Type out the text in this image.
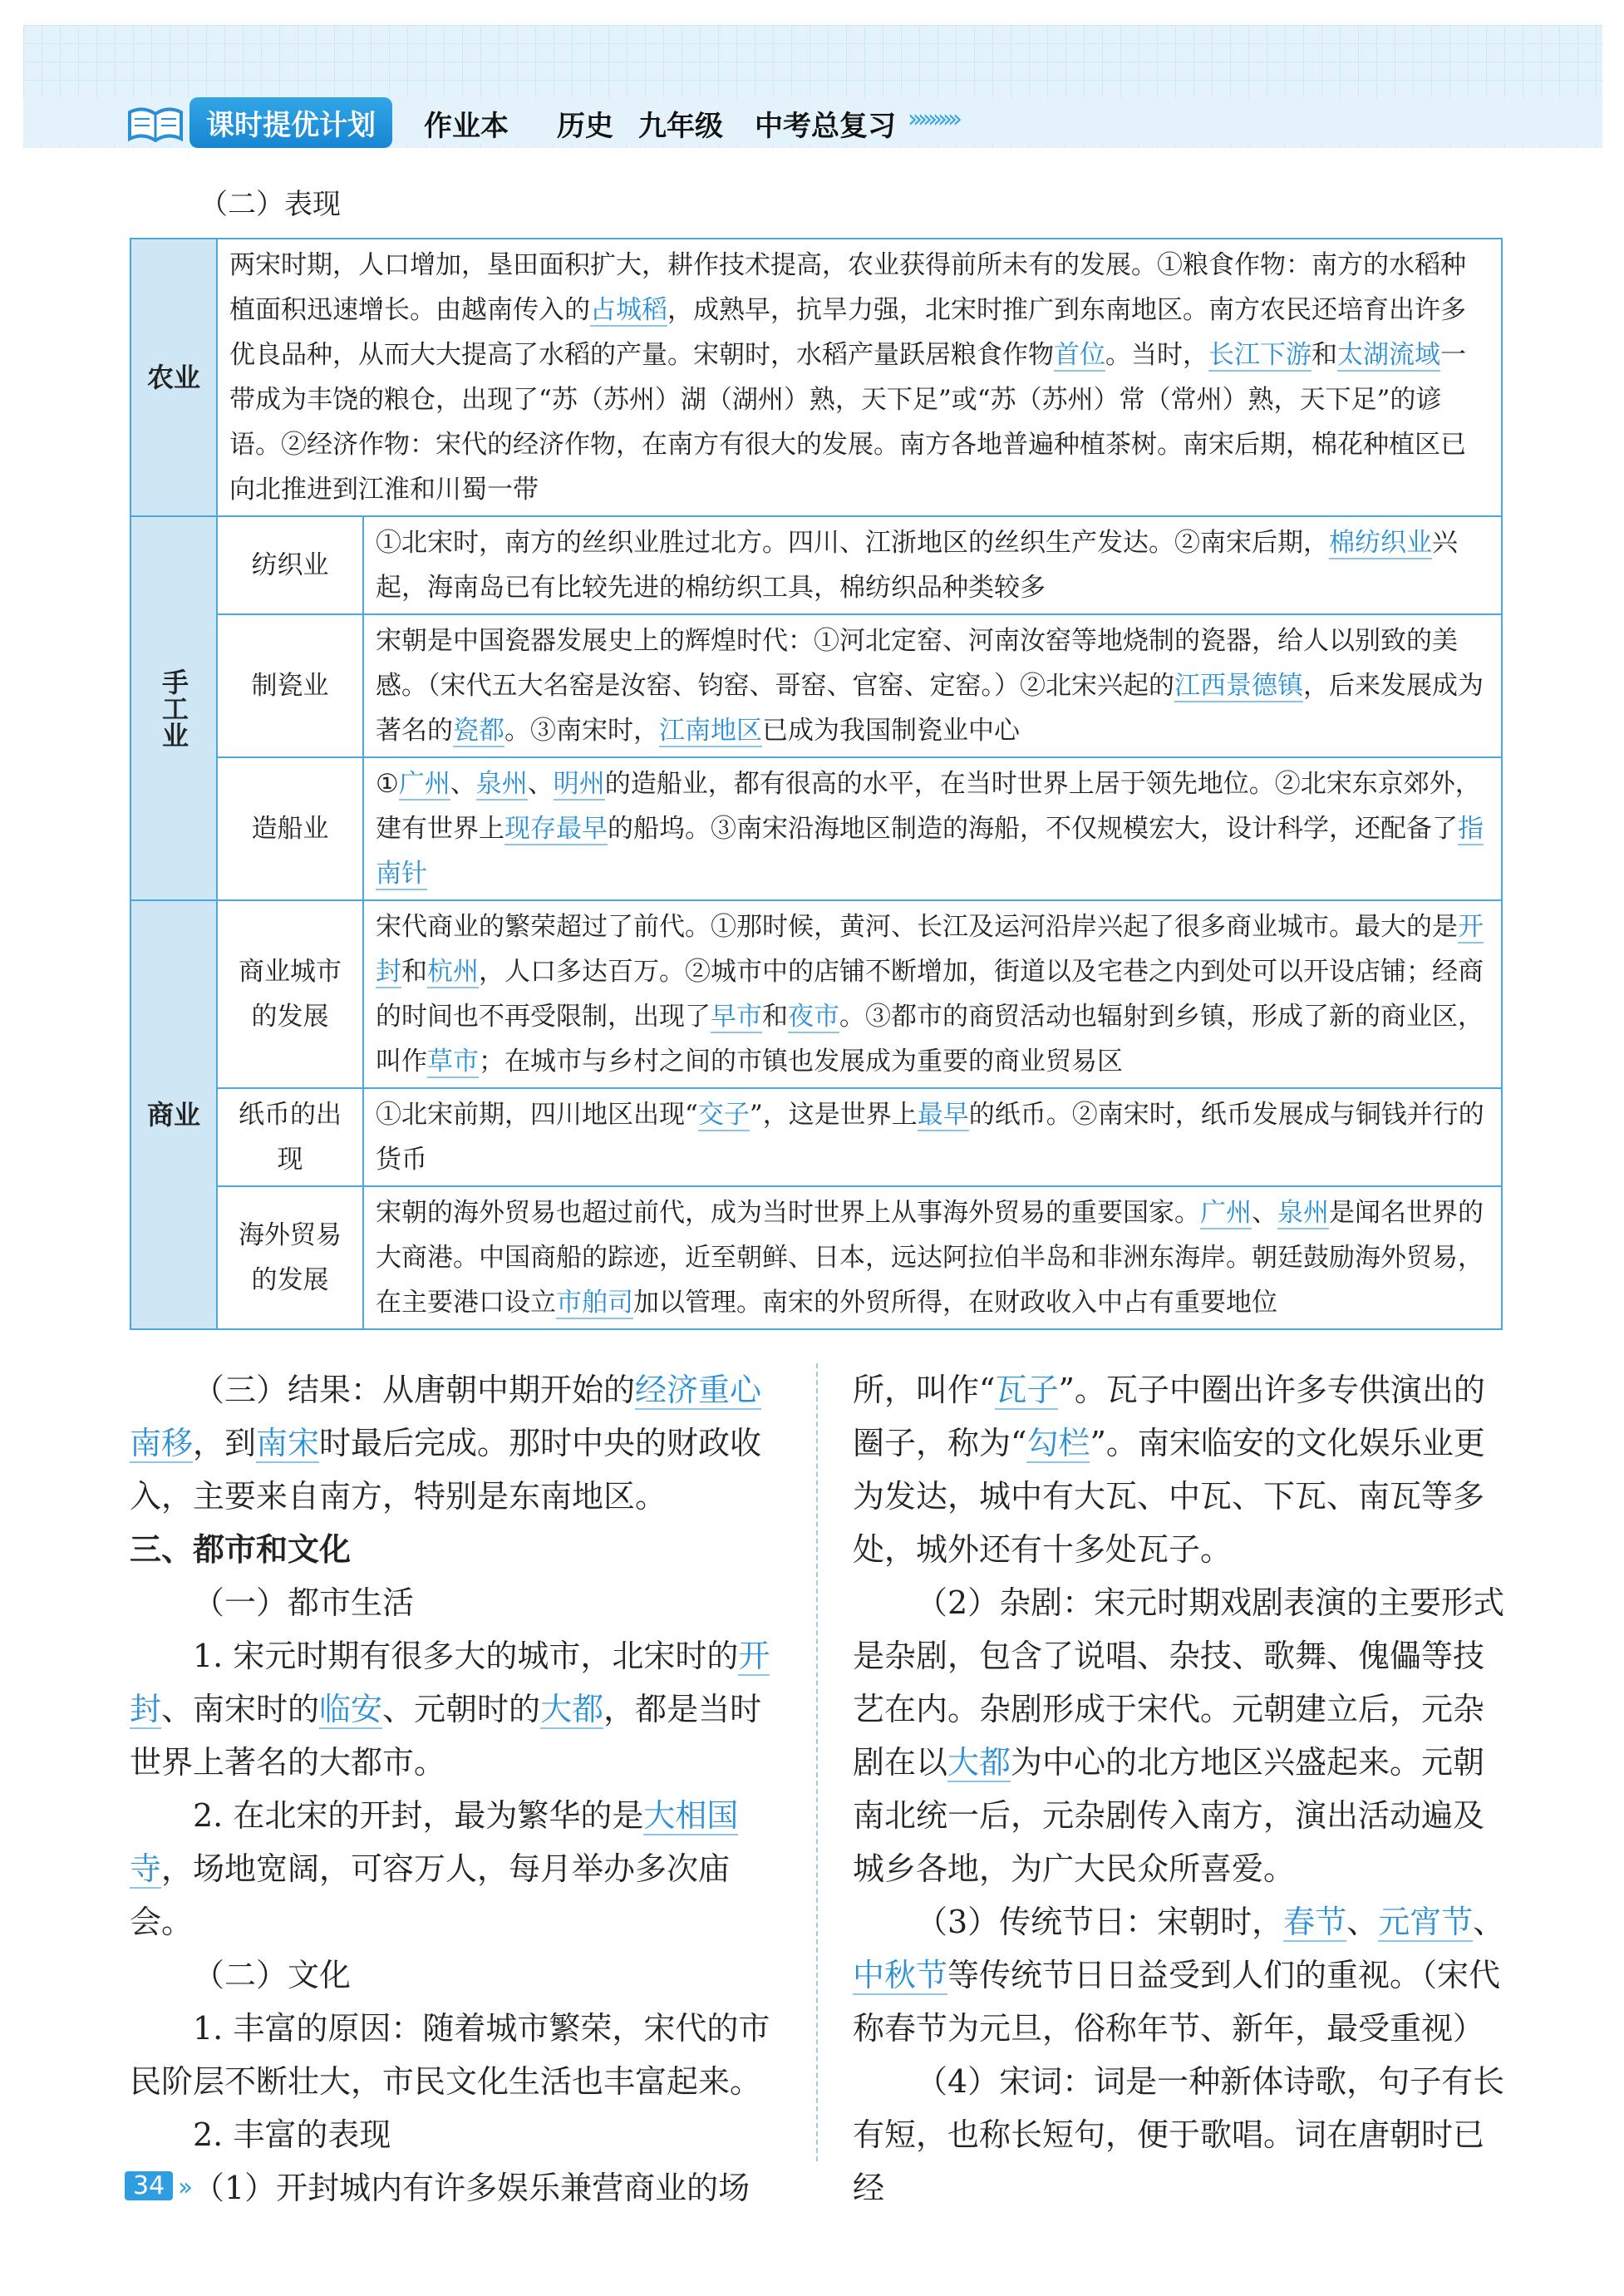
课时提优计划	作业本 历史 九年级 中考总复习 ››››››››››
（二）表现
农业	两宋时期，人口增加，垦田面积扩大，耕作技术提高，农业获得前所未有的发展。①粮食作物：南方的水稻种植面积迅速增长。由越南传入的占城稻，成熟早，抗旱力强，北宋时推广到东南地区。南方农民还培育出许多优良品种，从而大大提高了水稻的产量。宋朝时，水稻产量跃居粮食作物首位。当时，长江下游和太湖流域一带成为丰饶的粮仓，出现了“苏（苏州）湖（湖州）熟，天下足”或“苏（苏州）常（常州）熟，天下足”的谚语。②经济作物：宋代的经济作物，在南方有很大的发展。南方各地普遍种植茶树。南宋后期，棉花种植区已向北推进到江淮和川蜀一带	
手工业	纺织业	①北宋时，南方的丝织业胜过北方。四川、江浙地区的丝织生产发达。②南宋后期，棉纺织业兴起，海南岛已有比较先进的棉纺织工具，棉纺织品种类较多
	制瓷业	宋朝是中国瓷器发展史上的辉煌时代：①河北定窑、河南汝窑等地烧制的瓷器，给人以别致的美感。（宋代五大名窑是汝窑、钧窑、哥窑、官窑、定窑。）②北宋兴起的江西景德镇，后来发展成为著名的瓷都。③南宋时，江南地区已成为我国制瓷业中心
	造船业	①广州、泉州、明州的造船业，都有很高的水平，在当时世界上居于领先地位。②北宋东京郊外，建有世界上现存最早的船坞。③南宋沿海地区制造的海船，不仅规模宏大，设计科学，还配备了指南针
商业	商业城市的发展	宋代商业的繁荣超过了前代。①那时候，黄河、长江及运河沿岸兴起了很多商业城市。最大的是开封和杭州，人口多达百万。②城市中的店铺不断增加，街道以及宅巷之内到处可以开设店铺；经商的时间也不再受限制，出现了早市和夜市。③都市的商贸活动也辐射到乡镇，形成了新的商业区，叫作草市；在城市与乡村之间的市镇也发展成为重要的商业贸易区
	纸币的出现	①北宋前期，四川地区出现“交子”，这是世界上最早的纸币。②南宋时，纸币发展成与铜钱并行的货币
	海外贸易的发展	宋朝的海外贸易也超过前代，成为当时世界上从事海外贸易的重要国家。广州、泉州是闻名世界的大商港。中国商船的踪迹，近至朝鲜、日本，远达阿拉伯半岛和非洲东海岸。朝廷鼓励海外贸易，在主要港口设立市舶司加以管理。南宋的外贸所得，在财政收入中占有重要地位

（三）结果：从唐朝中期开始的经济重心南移，到南宋时最后完成。那时中央的财政收入，主要来自南方，特别是东南地区。

三、都市和文化

（一）都市生活

1. 宋元时期有很多大的城市，北宋时的开封、南宋时的临安、元朝时的大都，都是当时世界上著名的大都市。

2. 在北宋的开封，最为繁华的是大相国寺，场地宽阔，可容万人，每月举办多次庙会。

（二）文化

1. 丰富的原因：随着城市繁荣，宋代的市民阶层不断壮大，市民文化生活也丰富起来。

2. 丰富的表现

（1）开封城内有许多娱乐兼营商业的场

所，叫作“瓦子”。瓦子中圈出许多专供演出的圈子，称为“勾栏”。南宋临安的文化娱乐业更为发达，城中有大瓦、中瓦、下瓦、南瓦等多处，城外还有十多处瓦子。

（2）杂剧：宋元时期戏剧表演的主要形式是杂剧，包含了说唱、杂技、歌舞、傀儡等技艺在内。杂剧形成于宋代。元朝建立后，元杂剧在以大都为中心的北方地区兴盛起来。元朝南北统一后，元杂剧传入南方，演出活动遍及城乡各地，为广大民众所喜爱。

（3）传统节日：宋朝时，春节、元宵节、中秋节等传统节日日益受到人们的重视。（宋代称春节为元旦，俗称年节、新年，最受重视）

（4）宋词：词是一种新体诗歌，句子有长有短，也称长短句，便于歌唱。词在唐朝时已经

34 ››
